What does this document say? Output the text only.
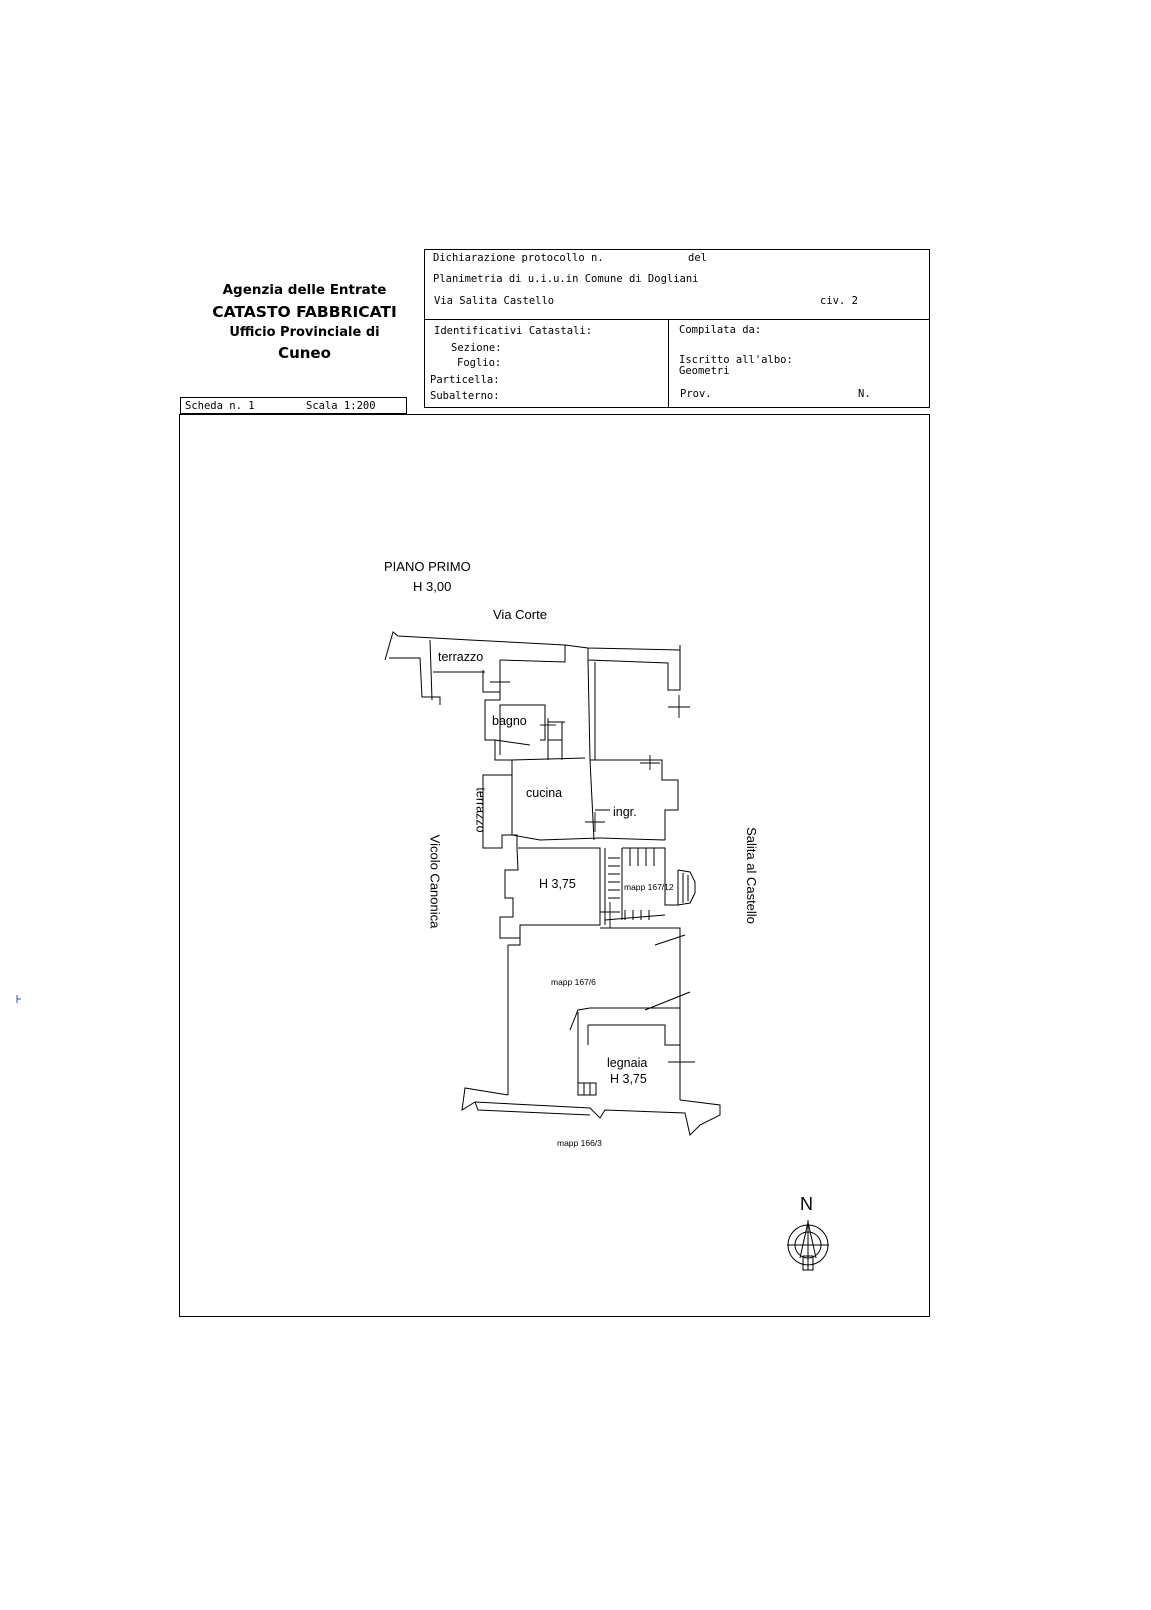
Agenzia delle Entrate
CATASTO FABBRICATI
Ufficio Provinciale di
Cuneo
Dichiarazione protocollo n.	del
Planimetria di u.i.u.in Comune di Dogliani
Via Salita Castello	civ. 2
Identificativi Catastali:
Sezione:
Foglio:
Particella:
Subalterno:
Compilata da:
Iscritto all'albo:
Geometri
Prov.	N.
Scheda n. 1	Scala 1:200
PIANO PRIMO
H 3,00
Via Corte
terrazzo
bagno
terrazzo	cucina
ingr.
H 3,75	mapp 167/12
mapp 167/6
legnaia
H 3,75
mapp 166/3
Vicolo Canonica	Salita al Castello
N
